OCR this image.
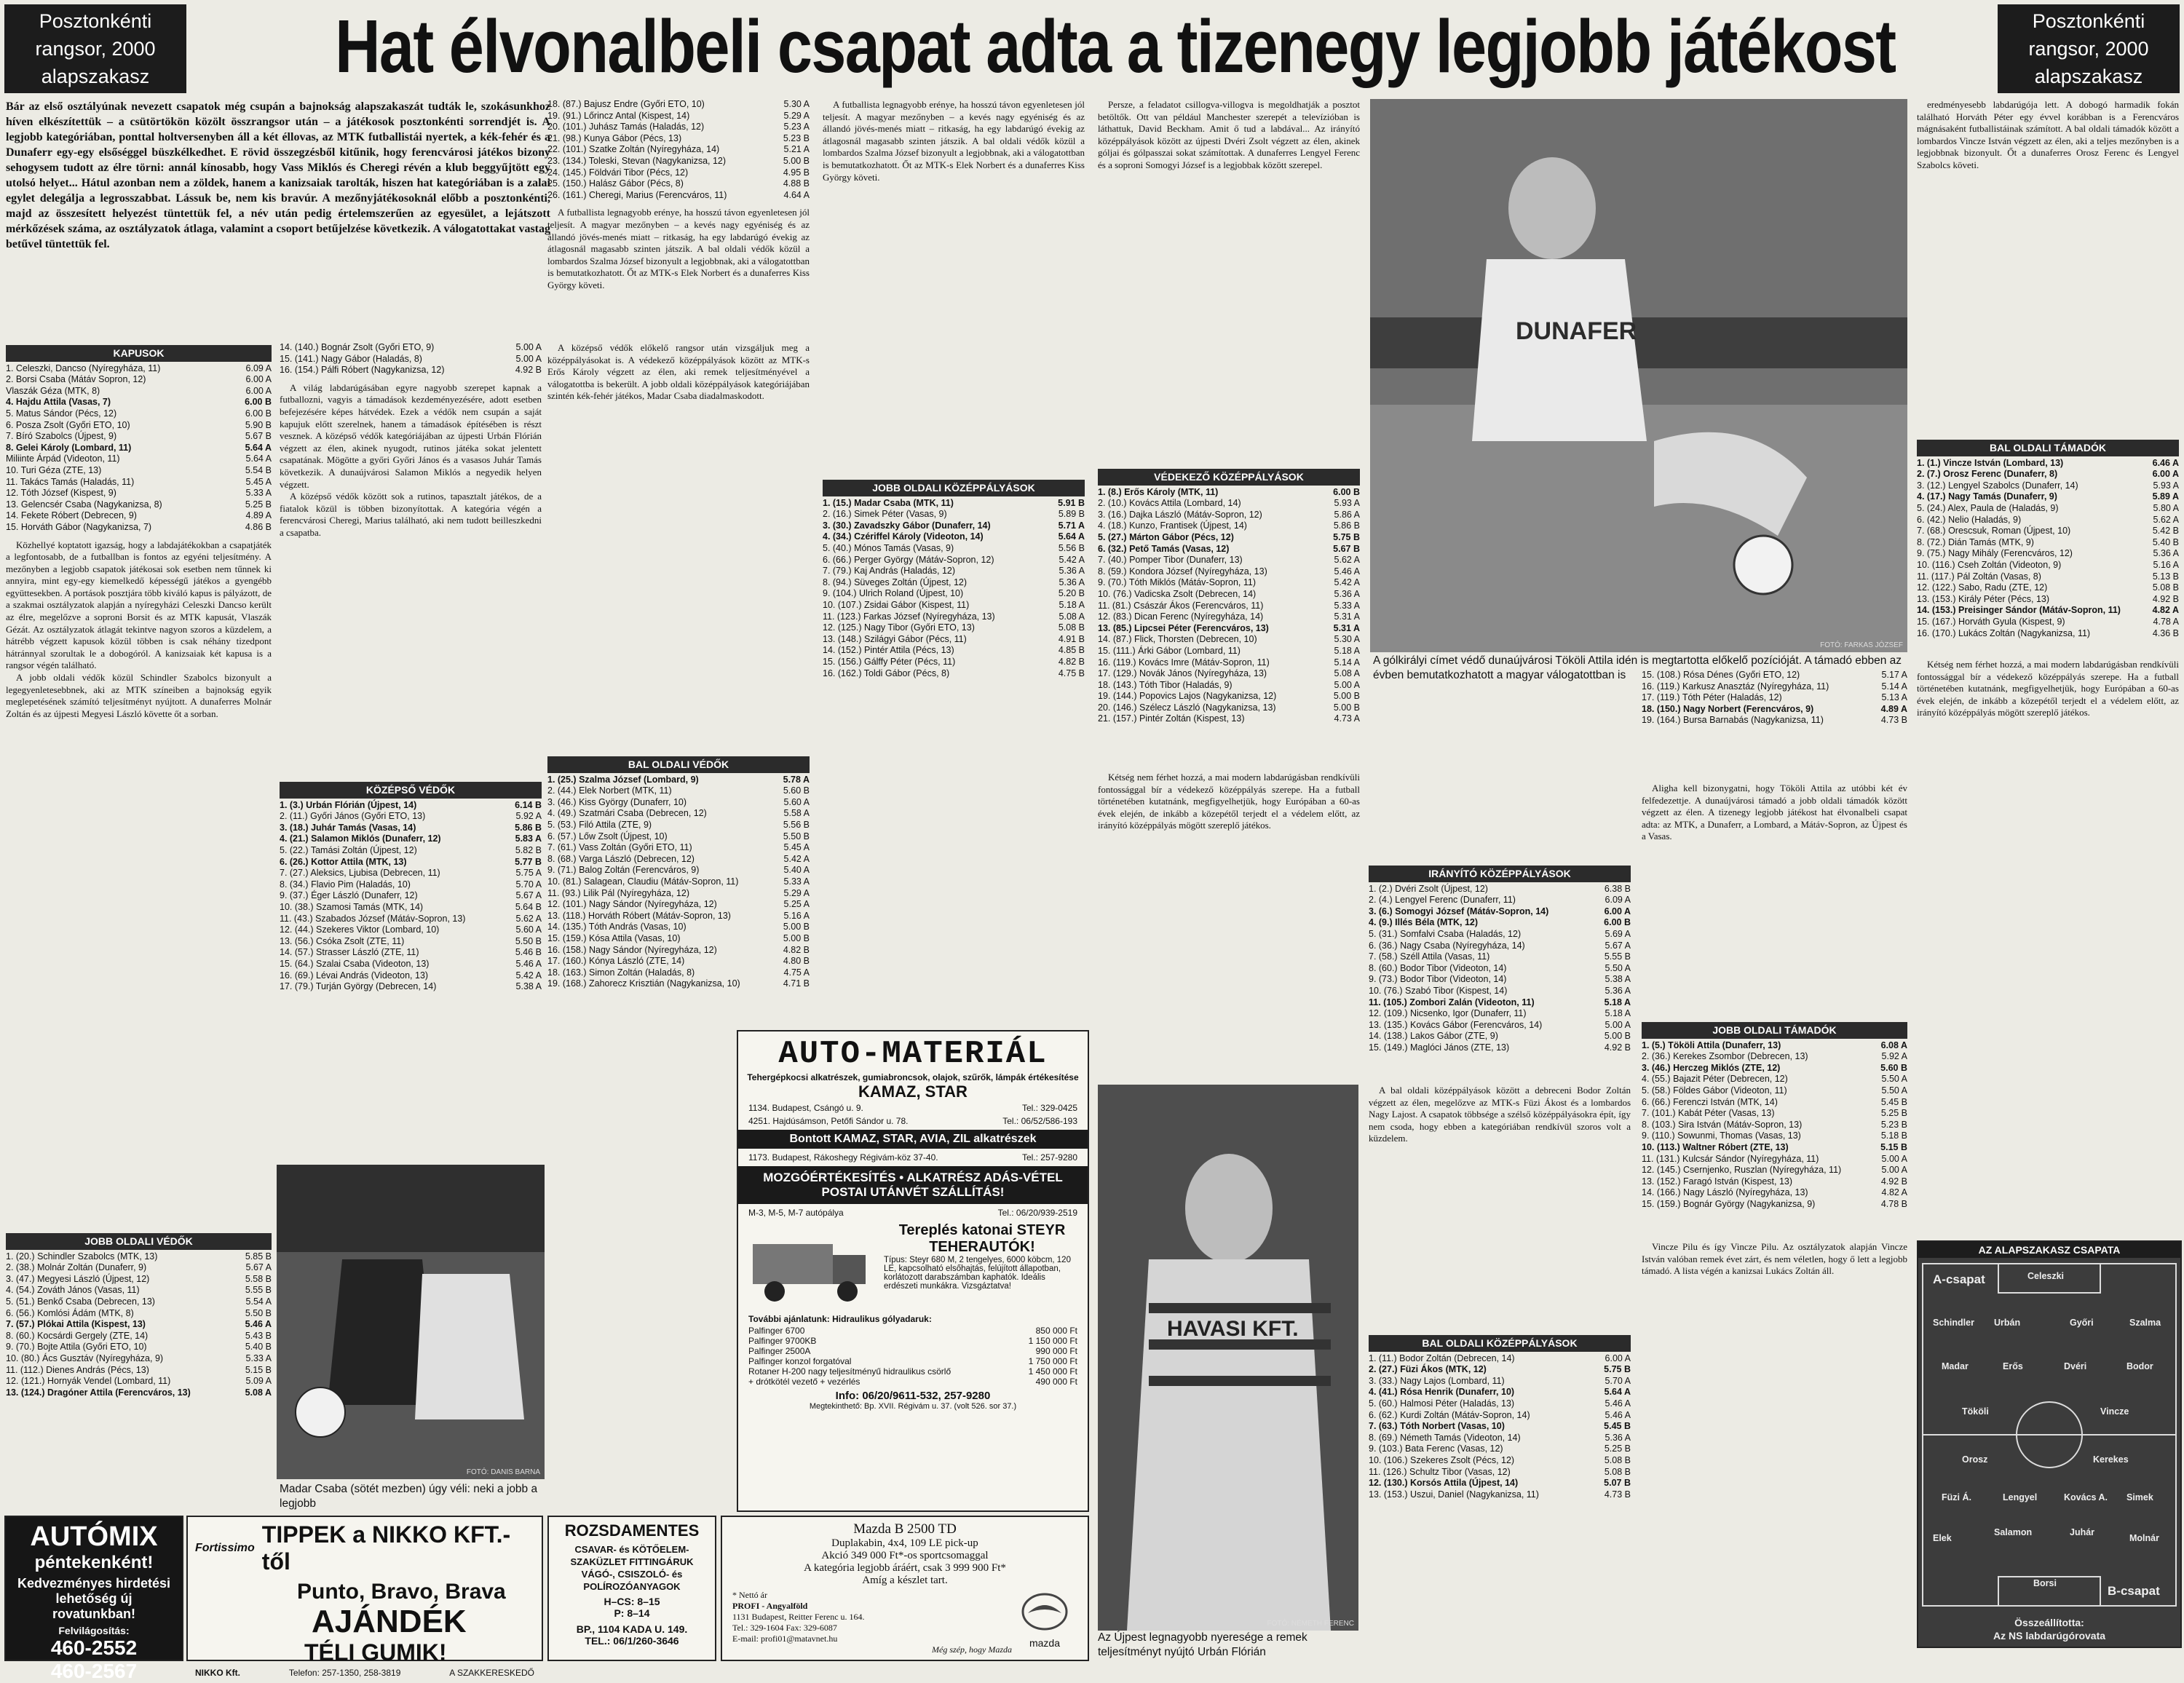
Posztonkénti
rangsor, 2000
alapszakasz	Hat élvonalbeli csapat adta a tizenegy legjobb játékost	Posztonkénti
rangsor, 2000
alapszakasz
Bár az első osztályúnak nevezett csapatok még csupán a bajnokság alapszakaszát tudták le, szokásunkhoz híven elkészítettük – a csütörtökön közölt összrangsor után – a játékosok posztonkénti sorrendjét is. A legjobb kategóriában, ponttal holtversenyben áll a két éllovas, az MTK futballistái nyertek, a kék-fehér és a Dunaferr egy-egy elsőséggel büszkélkedhet. E rövid összegzésből kitűnik, hogy ferencvárosi játékos bizony sehogysem tudott az élre törni: annál kínosabb, hogy Vass Miklós és Cheregi révén a klub beggyűjtött egy utolsó helyet... Hátul azonban nem a zöldek, hanem a kanizsaiak tarolták, hiszen hat kategóriában is a zalai egylet delegálja a legrosszabbat. Lássuk be, nem kis bravúr. A mezőnyjátékosoknál előbb a posztonkénti, majd az összesített helyezést tüntettük fel, a név után pedig értelemszerűen az egyesület, a lejátszott mérkőzések száma, az osztályzatok átlaga, valamint a csoport betűjelzése következik. A válogatottakat vastag betűvel tüntettük fel.
KAPUSOK
1. Celeszki, Dancso (Nyíregyháza, 11)	6.09 A
2. Borsi Csaba (Mátáv Sopron, 12)	6.00 A
Vlaszák Géza (MTK, 8)	6.00 A
4. Hajdu Attila (Vasas, 7)	6.00 B
5. Matus Sándor (Pécs, 12)	6.00 B
6. Posza Zsolt (Győri ETO, 10)	5.90 B
7. Bíró Szabolcs (Újpest, 9)	5.67 B
8. Gelei Károly (Lombard, 11)	5.64 A
Miliinte Árpád (Videoton, 11)	5.64 A
10. Turi Géza (ZTE, 13)	5.54 B
11. Takács Tamás (Haladás, 11)	5.45 A
12. Tóth József (Kispest, 9)	5.33 A
13. Gelencsér Csaba (Nagykanizsa, 8)	5.25 B
14. Fekete Róbert (Debrecen, 9)	4.89 A
15. Horváth Gábor (Nagykanizsa, 7)	4.86 B

Közhellyé koptatott igazság, hogy a labdajátékokban a csapatjáték a legfontosabb, de a futballban is fontos az egyéni teljesítmény. A mezőnyben a legjobb csapatok játékosai sok esetben nem tűnnek ki annyira, mint egy-egy kiemelkedő képességű játékos a gyengébb együttesekben. A portások posztjára több kiváló kapus is pályázott, de a szakmai osztályzatok alapján a nyíregyházi Celeszki Dancso került az élre, megelőzve a soproni Borsit és az MTK kapusát, Vlaszák Gézát. Az osztályzatok átlagát tekintve nagyon szoros a küzdelem, a hátrébb végzett kapusok közül többen is csak néhány tizedpont hátránnyal szorultak le a dobogóról. A kanizsaiak két kapusa is a rangsor végén található.

A jobb oldali védők közül Schindler Szabolcs bizonyult a legegyenletesebbnek, aki az MTK színeiben a bajnokság egyik meglepetésének számító teljesítményt nyújtott. A dunaferres Molnár Zoltán és az újpesti Megyesi László követte őt a sorban.

JOBB OLDALI VÉDŐK
1. (20.) Schindler Szabolcs (MTK, 13)	5.85 B
2. (38.) Molnár Zoltán (Dunaferr, 9)	5.67 A
3. (47.) Megyesi László (Újpest, 12)	5.58 B
4. (54.) Zováth János (Vasas, 11)	5.55 B
5. (51.) Benkő Csaba (Debrecen, 13)	5.54 A
6. (56.) Komlósi Ádám (MTK, 8)	5.50 B
7. (57.) Plókai Attila (Kispest, 13)	5.46 A
8. (60.) Kocsárdi Gergely (ZTE, 14)	5.43 B
9. (70.) Bojte Attila (Győri ETO, 10)	5.40 B
10. (80.) Ács Gusztáv (Nyíregyháza, 9)	5.33 A
11. (112.) Dienes András (Pécs, 13)	5.15 B
12. (121.) Hornyák Vendel (Lombard, 11)	5.09 A
13. (124.) Dragóner Attila (Ferencváros, 13)	5.08 A
14. (140.) Bognár Zsolt (Győri ETO, 9)	5.00 A
15. (141.) Nagy Gábor (Haladás, 8)	5.00 A
16. (154.) Pálfi Róbert (Nagykanizsa, 12)	4.92 B

A világ labdarúgásában egyre nagyobb szerepet kapnak a futballozni, vagyis a támadások kezdeményezésére, adott esetben befejezésére képes hátvédek. Ezek a védők nem csupán a saját kapujuk előtt szerelnek, hanem a támadások építésében is részt vesznek. A középső védők kategóriájában az újpesti Urbán Flórián végzett az élen, akinek nyugodt, rutinos játéka sokat jelentett csapatának. Mögötte a győri Győri János és a vasasos Juhár Tamás következik. A dunaújvárosi Salamon Miklós a negyedik helyen végzett.

A középső védők között sok a rutinos, tapasztalt játékos, de a fiatalok közül is többen bizonyítottak. A kategória végén a ferencvárosi Cheregi, Marius található, aki nem tudott beilleszkedni a csapatba.

KÖZÉPSŐ VÉDŐK
1. (3.) Urbán Flórián (Újpest, 14)	6.14 B
2. (11.) Győri János (Győri ETO, 13)	5.92 A
3. (18.) Juhár Tamás (Vasas, 14)	5.86 B
4. (21.) Salamon Miklós (Dunaferr, 12)	5.83 A
5. (22.) Tamási Zoltán (Újpest, 12)	5.82 B
6. (26.) Kottor Attila (MTK, 13)	5.77 B
7. (27.) Aleksics, Ljubisa (Debrecen, 11)	5.75 A
8. (34.) Flavio Pim (Haladás, 10)	5.70 A
9. (37.) Éger László (Dunaferr, 12)	5.67 A
10. (38.) Szamosi Tamás (MTK, 14)	5.64 B
11. (43.) Szabados József (Mátáv-Sopron, 13)	5.62 A
12. (44.) Szekeres Viktor (Lombard, 10)	5.60 A
13. (56.) Csóka Zsolt (ZTE, 11)	5.50 B
14. (57.) Strasser László (ZTE, 11)	5.46 B
15. (64.) Szalai Csaba (Videoton, 13)	5.46 A
16. (69.) Lévai András (Videoton, 13)	5.42 A
17. (79.) Turján György (Debrecen, 14)	5.38 A
18. (87.) Bajusz Endre (Győri ETO, 10)	5.30 A
19. (91.) Lőrincz Antal (Kispest, 14)	5.29 A
20. (101.) Juhász Tamás (Haladás, 12)	5.23 A
21. (98.) Kunya Gábor (Pécs, 13)	5.23 B
22. (101.) Szatke Zoltán (Nyíregyháza, 14)	5.21 A
23. (134.) Toleski, Stevan (Nagykanizsa, 12)	5.00 B
24. (145.) Földvári Tibor (Pécs, 12)	4.95 B
25. (150.) Halász Gábor (Pécs, 8)	4.88 B
26. (161.) Cheregi, Marius (Ferencváros, 11)	4.64 A

A futballista legnagyobb erénye, ha hosszú távon egyenletesen jól teljesít. A magyar mezőnyben – a kevés nagy egyéniség és az állandó jövés-menés miatt – ritkaság, ha egy labdarúgó évekig az átlagosnál magasabb szinten játszik. A bal oldali védők közül a lombardos Szalma József bizonyult a legjobbnak, aki a válogatottban is bemutatkozhatott. Őt az MTK-s Elek Norbert és a dunaferres Kiss György követi.

A középső védők előkelő rangsor után vizsgáljuk meg a középpályásokat is. A védekező középpályások között az MTK-s Erős Károly végzett az élen, aki remek teljesítményével a válogatottba is bekerült. A jobb oldali középpályások kategóriájában szintén kék-fehér játékos, Madar Csaba diadalmaskodott.

BAL OLDALI VÉDŐK
1. (25.) Szalma József (Lombard, 9)	5.78 A
2. (44.) Elek Norbert (MTK, 11)	5.60 B
3. (46.) Kiss György (Dunaferr, 10)	5.60 A
4. (49.) Szatmári Csaba (Debrecen, 12)	5.58 A
5. (53.) Filó Attila (ZTE, 9)	5.56 B
6. (57.) Lőw Zsolt (Újpest, 10)	5.50 B
7. (61.) Vass Zoltán (Győri ETO, 11)	5.45 A
8. (68.) Varga László (Debrecen, 12)	5.42 A
9. (71.) Balog Zoltán (Ferencváros, 9)	5.40 A
10. (81.) Salagean, Claudiu (Mátáv-Sopron, 11)	5.33 A
11. (93.) Lilik Pál (Nyíregyháza, 12)	5.29 A
12. (101.) Nagy Sándor (Nyíregyháza, 12)	5.25 A
13. (118.) Horváth Róbert (Mátáv-Sopron, 13)	5.16 A
14. (135.) Tóth András (Vasas, 10)	5.00 B
15. (159.) Kósa Attila (Vasas, 10)	5.00 B
16. (158.) Nagy Sándor (Nyíregyháza, 12)	4.82 B
17. (160.) Kónya László (ZTE, 14)	4.80 B
18. (163.) Simon Zoltán (Haladás, 8)	4.75 A
19. (168.) Zahorecz Krisztián (Nagykanizsa, 10)	4.71 B

A futballista legnagyobb erénye, ha hosszú távon egyenletesen jól teljesít. A magyar mezőnyben – a kevés nagy egyéniség és az állandó jövés-menés miatt – ritkaság, ha egy labdarúgó évekig az átlagosnál magasabb szinten játszik. A bal oldali védők közül a lombardos Szalma József bizonyult a legjobbnak, aki a válogatottban is bemutatkozhatott. Őt az MTK-s Elek Norbert és a dunaferres Kiss György követi.

JOBB OLDALI KÖZÉPPÁLYÁSOK
1. (15.) Madar Csaba (MTK, 11)	5.91 B
2. (16.) Simek Péter (Vasas, 9)	5.89 B
3. (30.) Zavadszky Gábor (Dunaferr, 14)	5.71 A
4. (34.) Czériffel Károly (Videoton, 14)	5.64 A
5. (40.) Mónos Tamás (Vasas, 9)	5.56 B
6. (66.) Perger György (Mátáv-Sopron, 12)	5.42 A
7. (79.) Kaj András (Haladás, 12)	5.36 A
8. (94.) Süveges Zoltán (Újpest, 12)	5.36 A
9. (104.) Ulrich Roland (Újpest, 10)	5.20 B
10. (107.) Zsidai Gábor (Kispest, 11)	5.18 A
11. (123.) Farkas József (Nyíregyháza, 13)	5.08 A
12. (125.) Nagy Tibor (Győri ETO, 13)	5.08 B
13. (148.) Szilágyi Gábor (Pécs, 11)	4.91 B
14. (152.) Pintér Attila (Pécs, 13)	4.85 B
15. (156.) Gálffy Péter (Pécs, 11)	4.82 B
16. (162.) Toldi Gábor (Pécs, 8)	4.75 B

Persze, a feladatot csillogva-villogva is megoldhatják a posztot betöltők. Ott van például Manchester szerepét a televízióban is láthattuk, David Beckham. Amit ő tud a labdával... Az irányító középpályások között az újpesti Dvéri Zsolt végzett az élen, akinek góljai és gólpasszai sokat számítottak. A dunaferres Lengyel Ferenc és a soproni Somogyi József is a legjobbak között szerepel.

VÉDEKEZŐ KÖZÉPPÁLYÁSOK
1. (8.) Erős Károly (MTK, 11)	6.00 B
2. (10.) Kovács Attila (Lombard, 14)	5.93 A
3. (16.) Dajka László (Mátáv-Sopron, 12)	5.86 A
4. (18.) Kunzo, Frantisek (Újpest, 14)	5.86 B
5. (27.) Márton Gábor (Pécs, 12)	5.75 B
6. (32.) Pető Tamás (Vasas, 12)	5.67 B
7. (40.) Pomper Tibor (Dunaferr, 13)	5.62 A
8. (59.) Kondora József (Nyíregyháza, 13)	5.46 A
9. (70.) Tóth Miklós (Mátáv-Sopron, 11)	5.42 A
10. (76.) Vadicska Zsolt (Debrecen, 14)	5.36 A
11. (81.) Császár Ákos (Ferencváros, 11)	5.33 A
12. (83.) Dican Ferenc (Nyíregyháza, 14)	5.31 A
13. (85.) Lipcsei Péter (Ferencváros, 13)	5.31 A
14. (87.) Flick, Thorsten (Debrecen, 10)	5.30 A
15. (111.) Árki Gábor (Lombard, 11)	5.18 A
16. (119.) Kovács Imre (Mátáv-Sopron, 11)	5.14 A
17. (129.) Novák János (Nyíregyháza, 13)	5.08 A
18. (143.) Tóth Tibor (Haladás, 9)	5.00 A
19. (144.) Popovics Lajos (Nagykanizsa, 12)	5.00 B
20. (146.) Szélecz László (Nagykanizsa, 13)	5.00 B
21. (157.) Pintér Zoltán (Kispest, 13)	4.73 A

Kétség nem férhet hozzá, a mai modern labdarúgásban rendkívüli fontossággal bír a védekező középpályás szerepe. Ha a futball történetében kutatnánk, megfigyelhetjük, hogy Európában a 60-as évek elején, de inkább a közepétől terjedt el a védelem előtt, az irányító középpályás mögött szereplő játékos.

IRÁNYÍTÓ KÖZÉPPÁLYÁSOK
1. (2.) Dvéri Zsolt (Újpest, 12)	6.38 B
2. (4.) Lengyel Ferenc (Dunaferr, 11)	6.09 A
3. (6.) Somogyi József (Mátáv-Sopron, 14)	6.00 A
4. (9.) Illés Béla (MTK, 12)	6.00 B
5. (31.) Somfalvi Csaba (Haladás, 12)	5.69 A
6. (36.) Nagy Csaba (Nyíregyháza, 14)	5.67 A
7. (58.) Széll Attila (Vasas, 11)	5.55 B
8. (60.) Bodor Tibor (Videoton, 14)	5.50 A
9. (73.) Bodor Tibor (Videoton, 14)	5.38 A
10. (76.) Szabó Tibor (Kispest, 14)	5.36 A
11. (105.) Zombori Zalán (Videoton, 11)	5.18 A
12. (109.) Nicsenko, Igor (Dunaferr, 11)	5.18 A
13. (135.) Kovács Gábor (Ferencváros, 14)	5.00 A
14. (138.) Lakos Gábor (ZTE, 9)	5.00 B
15. (149.) Maglóci János (ZTE, 13)	4.92 B

A bal oldali középpályások között a debreceni Bodor Zoltán végzett az élen, megelőzve az MTK-s Füzi Ákost és a lombardos Nagy Lajost. A csapatok többsége a szélső középpályásokra épít, így nem csoda, hogy ebben a kategóriában rendkívül szoros volt a küzdelem.

BAL OLDALI KÖZÉPPÁLYÁSOK
1. (11.) Bodor Zoltán (Debrecen, 14)	6.00 A
2. (27.) Füzi Ákos (MTK, 12)	5.75 B
3. (33.) Nagy Lajos (Lombard, 11)	5.70 A
4. (41.) Rósa Henrik (Dunaferr, 10)	5.64 A
5. (60.) Halmosi Péter (Haladás, 13)	5.46 A
6. (62.) Kurdi Zoltán (Mátáv-Sopron, 14)	5.46 A
7. (63.) Tóth Norbert (Vasas, 10)	5.45 B
8. (69.) Németh Tamás (Videoton, 14)	5.36 A
9. (103.) Bata Ferenc (Vasas, 12)	5.25 B
10. (106.) Szekeres Zsolt (Pécs, 12)	5.08 B
11. (126.) Schultz Tibor (Vasas, 12)	5.08 B
12. (130.) Korsós Attila (Újpest, 14)	5.07 B
13. (153.) Uszui, Daniel (Nagykanizsa, 11)	4.73 B
15. (108.) Rósa Dénes (Győri ETO, 12)	5.17 A
16. (119.) Karkusz Anasztáz (Nyíregyháza, 11)	5.14 A
17. (119.) Tóth Péter (Haladás, 12)	5.13 A
18. (150.) Nagy Norbert (Ferencváros, 9)	4.89 A
19. (164.) Bursa Barnabás (Nagykanizsa, 11)	4.73 B

Aligha kell bizonygatni, hogy Tököli Attila az utóbbi két év felfedezettje. A dunaújvárosi támadó a jobb oldali támadók között végzett az élen. A tizenegy legjobb játékost hat élvonalbeli csapat adta: az MTK, a Dunaferr, a Lombard, a Mátáv-Sopron, az Újpest és a Vasas.

JOBB OLDALI TÁMADÓK
1. (5.) Tököli Attila (Dunaferr, 13)	6.08 A
2. (36.) Kerekes Zsombor (Debrecen, 13)	5.92 A
3. (46.) Herczeg Miklós (ZTE, 12)	5.60 B
4. (55.) Bajazit Péter (Debrecen, 12)	5.50 A
5. (58.) Földes Gábor (Videoton, 11)	5.50 A
6. (66.) Ferenczi István (MTK, 14)	5.45 B
7. (101.) Kabát Péter (Vasas, 13)	5.25 B
8. (103.) Sira István (Mátáv-Sopron, 13)	5.23 B
9. (110.) Sowunmi, Thomas (Vasas, 13)	5.18 B
10. (113.) Waltner Róbert (ZTE, 13)	5.15 B
11. (131.) Kulcsár Sándor (Nyíregyháza, 11)	5.00 A
12. (145.) Csernjenko, Ruszlan (Nyíregyháza, 11)	5.00 A
13. (152.) Faragó István (Kispest, 13)	4.92 B
14. (166.) Nagy László (Nyíregyháza, 13)	4.82 A
15. (159.) Bognár György (Nagykanizsa, 9)	4.78 B

Vincze Pilu és így Vincze Pilu. Az osztályzatok alapján Vincze István valóban remek évet zárt, és nem véletlen, hogy ő lett a legjobb támadó. A lista végén a kanizsai Lukács Zoltán áll.

eredményesebb labdarúgója lett. A dobogó harmadik fokán található Horváth Péter egy évvel korábban is a Ferencváros mágnásaként futballistáinak számított. A bal oldali támadók között a lombardos Vincze István végzett az élen, aki a teljes mezőnyben is a legjobbnak bizonyult. Őt a dunaferres Orosz Ferenc és Lengyel Szabolcs követi.

BAL OLDALI TÁMADÓK
1. (1.) Vincze István (Lombard, 13)	6.46 A
2. (7.) Orosz Ferenc (Dunaferr, 8)	6.00 A
3. (12.) Lengyel Szabolcs (Dunaferr, 14)	5.93 A
4. (17.) Nagy Tamás (Dunaferr, 9)	5.89 A
5. (24.) Alex, Paula de (Haladás, 9)	5.80 A
6. (42.) Nelio (Haladás, 9)	5.62 A
7. (68.) Orescsuk, Roman (Újpest, 10)	5.42 B
8. (72.) Dián Tamás (MTK, 9)	5.40 B
9. (75.) Nagy Mihály (Ferencváros, 12)	5.36 A
10. (116.) Cseh Zoltán (Videoton, 9)	5.16 A
11. (117.) Pál Zoltán (Vasas, 8)	5.13 B
12. (122.) Sabo, Radu (ZTE, 12)	5.08 B
13. (153.) Király Péter (Pécs, 13)	4.92 B
14. (153.) Preisinger Sándor (Mátáv-Sopron, 11)	4.82 A
15. (167.) Horváth Gyula (Kispest, 9)	4.78 A
16. (170.) Lukács Zoltán (Nagykanizsa, 11)	4.36 B

Kétség nem férhet hozzá, a mai modern labdarúgásban rendkívüli fontossággal bír a védekező középpályás szerepe. Ha a futball történetében kutatnánk, megfigyelhetjük, hogy Európában a 60-as évek elején, de inkább a közepétől terjedt el a védelem előtt, az irányító középpályás mögött szereplő játékos.

DUNAFER
FOTÓ: FARKAS JÓZSEF
A gólkirályi címet védő dunaújvárosi Tököli Attila idén is megtartotta előkelő pozícióját. A támadó ebben az évben bemutatkozhatott a magyar válogatottban is
FOTÓ: DANIS BARNA
Madar Csaba (sötét mezben) úgy véli: neki a jobb a legjobb
HAVASI KFT.
FOTÓ: NÉMETH FERENC
Az Újpest legnagyobb nyeresége a remek teljesítményt nyújtó Urbán Flórián
AUTO-MATERIÁL
Tehergépkocsi alkatrészek, gumiabroncsok, olajok, szűrők, lámpák értékesítése
KAMAZ, STAR
1134. Budapest, Csángó u. 9.	Tel.: 329-0425
4251. Hajdúsámson, Petőfi Sándor u. 78.	Tel.: 06/52/586-193
Bontott KAMAZ, STAR, AVIA, ZIL alkatrészek
1173. Budapest, Rákoshegy Régivám-köz 37-40.	Tel.: 257-9280
MOZGÓÉRTÉKESÍTÉS • ALKATRÉSZ ADÁS-VÉTEL POSTAI UTÁNVÉT SZÁLLÍTÁS!
M-3, M-5, M-7 autópálya	Tel.: 06/20/939-2519
Tereplés katonai STEYR TEHERAUTÓK!
Típus: Steyr 680 M, 2 tengelyes, 6000 köbcm, 120 LE, kapcsolható elsőhajtás, felújított állapotban, korlátozott darabszámban kaphatók. Ideális erdészeti munkákra. Vizsgáztatva!
További ajánlatunk: Hidraulikus gólyadaruk:
Palfinger 6700	850 000 Ft
Palfinger 9700KB	1 150 000 Ft
Palfinger 2500A	990 000 Ft
Palfinger konzol forgatóval	1 750 000 Ft
Rotaner H-200 nagy teljesítményű hidraulikus csörlő	1 450 000 Ft
+ drótkötél vezető + vezérlés	490 000 Ft
Info: 06/20/9611-532, 257-9280
Megtekinthető: Bp. XVII. Régivám u. 37. (volt 526. sor 37.)
AUTÓMIX
péntekenként!
Kedvezményes hirdetési lehetőség új rovatunkban!
Felvilágosítás:
460-2552
460-2567
Fortissimo
TIPPEK a NIKKO KFT.-től
Punto, Bravo, Brava
AJÁNDÉK
TÉLI GUMIK!
NIKKO Kft.	Telefon: 257-1350, 258-3819	A SZAKKERESKEDŐ
ROZSDAMENTES
CSAVAR- és KÖTŐELEM-SZAKÜZLET FITTINGÁRUK VÁGÓ-, CSISZOLÓ- és POLÍROZÓANYAGOK
H–CS: 8–15
P: 8–14
BP., 1104 KADA U. 149.
TEL.: 06/1/260-3646
Mazda B 2500 TD
Duplakabin, 4x4, 109 LE pick-up
Akció 349 000 Ft*-os sportcsomaggal
A kategória legjobb áráért, csak 3 999 900 Ft*
Amíg a készlet tart.
* Nettó ár
PROFI - Angyalföld
1131 Budapest, Reitter Ferenc u. 164.
Tel.: 329-1604 Fax: 329-6087
E-mail: profi01@matavnet.hu
Még szép, hogy Mazda
mazda
AZ ALAPSZAKASZ CSAPATA
A-csapat
B-csapat
Celeszki
Schindler Urbán	Győri	Szalma
Madar	Erős	Dvéri	Bodor
Tököli	Vincze
Orosz	Kerekes
Füzi Á.	Lengyel	Kovács A. Simek
Elek
Salamon	Juhár
Molnár
Borsi
Összeállította:
Az NS labdarúgórovata
